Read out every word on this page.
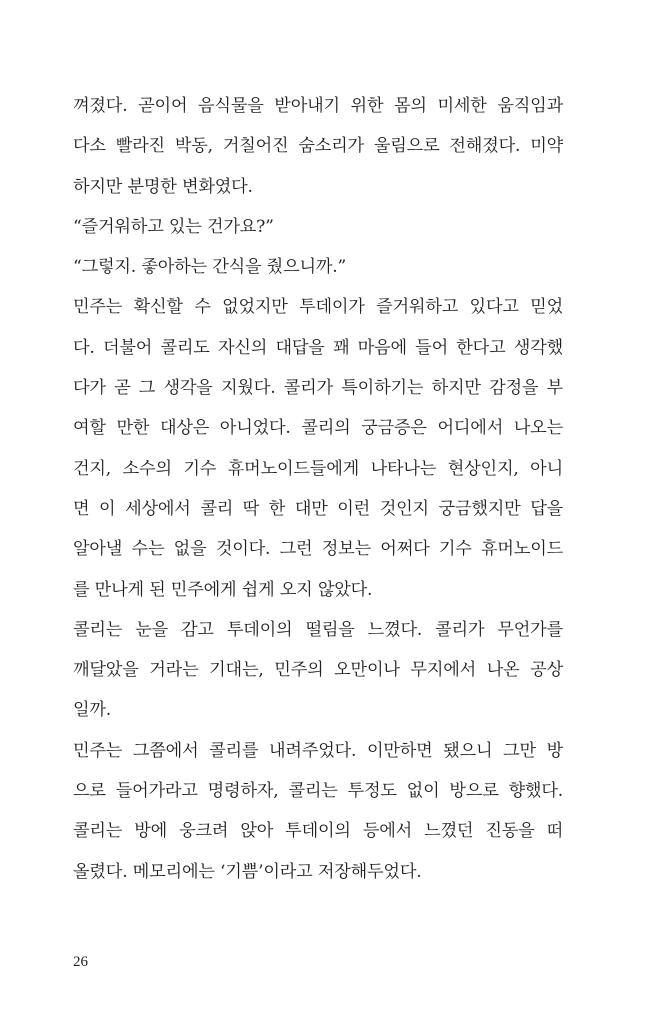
껴졌다. 곧이어 음식물을 받아내기 위한 몸의 미세한 움직임과
다소 빨라진 박동, 거칠어진 숨소리가 울림으로 전해졌다. 미약
하지만 분명한 변화였다.
“즐거워하고 있는 건가요?”
“그렇지. 좋아하는 간식을 줬으니까.”
민주는 확신할 수 없었지만 투데이가 즐거워하고 있다고 믿었
다. 더불어 콜리도 자신의 대답을 꽤 마음에 들어 한다고 생각했
다가 곧 그 생각을 지웠다. 콜리가 특이하기는 하지만 감정을 부
여할 만한 대상은 아니었다. 콜리의 궁금증은 어디에서 나오는
건지, 소수의 기수 휴머노이드들에게 나타나는 현상인지, 아니
면 이 세상에서 콜리 딱 한 대만 이런 것인지 궁금했지만 답을
알아낼 수는 없을 것이다. 그런 정보는 어쩌다 기수 휴머노이드
를 만나게 된 민주에게 쉽게 오지 않았다.
콜리는 눈을 감고 투데이의 떨림을 느꼈다. 콜리가 무언가를
깨달았을 거라는 기대는, 민주의 오만이나 무지에서 나온 공상
일까.
민주는 그쯤에서 콜리를 내려주었다. 이만하면 됐으니 그만 방
으로 들어가라고 명령하자, 콜리는 투정도 없이 방으로 향했다.
콜리는 방에 웅크려 앉아 투데이의 등에서 느꼈던 진동을 떠
올렸다. 메모리에는 ‘기쁨’이라고 저장해두었다.
26
